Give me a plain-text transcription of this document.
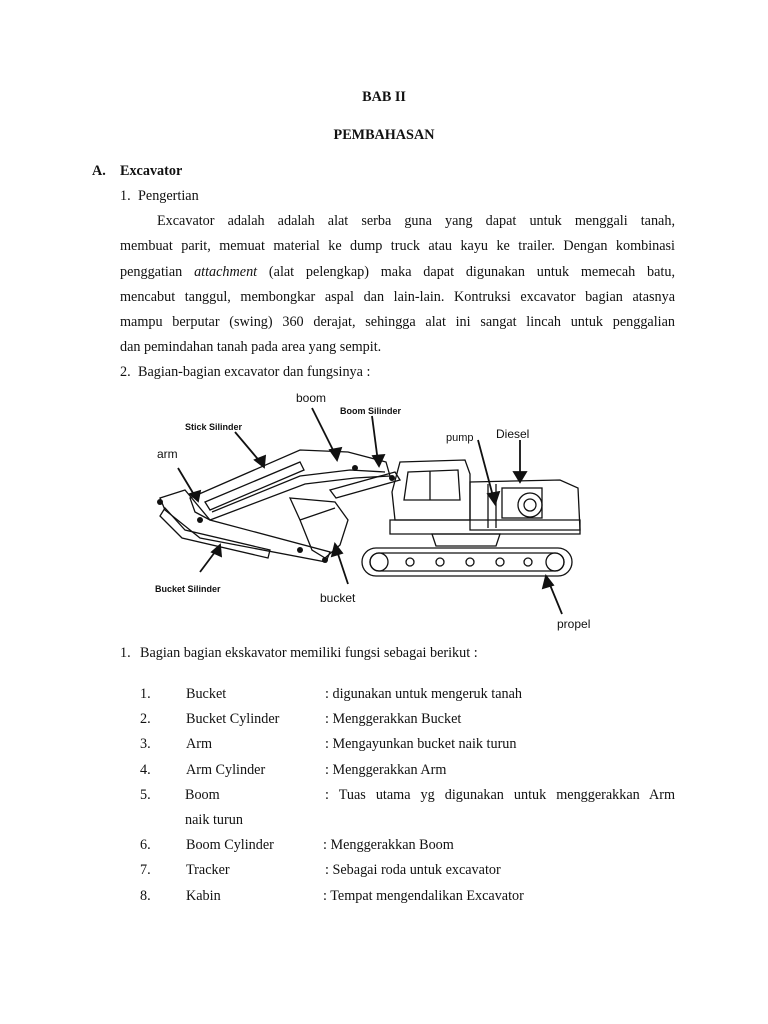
BAB II
PEMBAHASAN
A. Excavator
1. Pengertian
Excavator adalah adalah alat serba guna yang dapat untuk menggali tanah,
membuat parit, memuat material ke dump truck atau kayu ke trailer. Dengan kombinasi
penggatian attachment (alat pelengkap) maka dapat digunakan untuk memecah batu,
mencabut tanggul, membongkar aspal dan lain-lain. Kontruksi excavator bagian atasnya
mampu berputar (swing) 360 derajat, sehingga alat ini sangat lincah untuk penggalian
dan pemindahan tanah pada area yang sempit.
2. Bagian-bagian excavator dan fungsinya :
boom
Boom Silinder
Stick Silinder
arm
pump Diesel
Bucket Silinder
bucket
propel
1. Bagian bagian ekskavator memiliki fungsi sebagai berikut :
1. Bucket	: digunakan untuk mengeruk tanah
2. Bucket Cylinder	: Menggerakkan Bucket
3. Arm	: Mengayunkan bucket naik turun
4. Arm Cylinder	: Menggerakkan Arm
5. Boom	: Tuas utama yg digunakan untuk menggerakkan Arm
naik turun
6. Boom Cylinder	: Menggerakkan Boom
7. Tracker	: Sebagai roda untuk excavator
8. Kabin	: Tempat mengendalikan Excavator
